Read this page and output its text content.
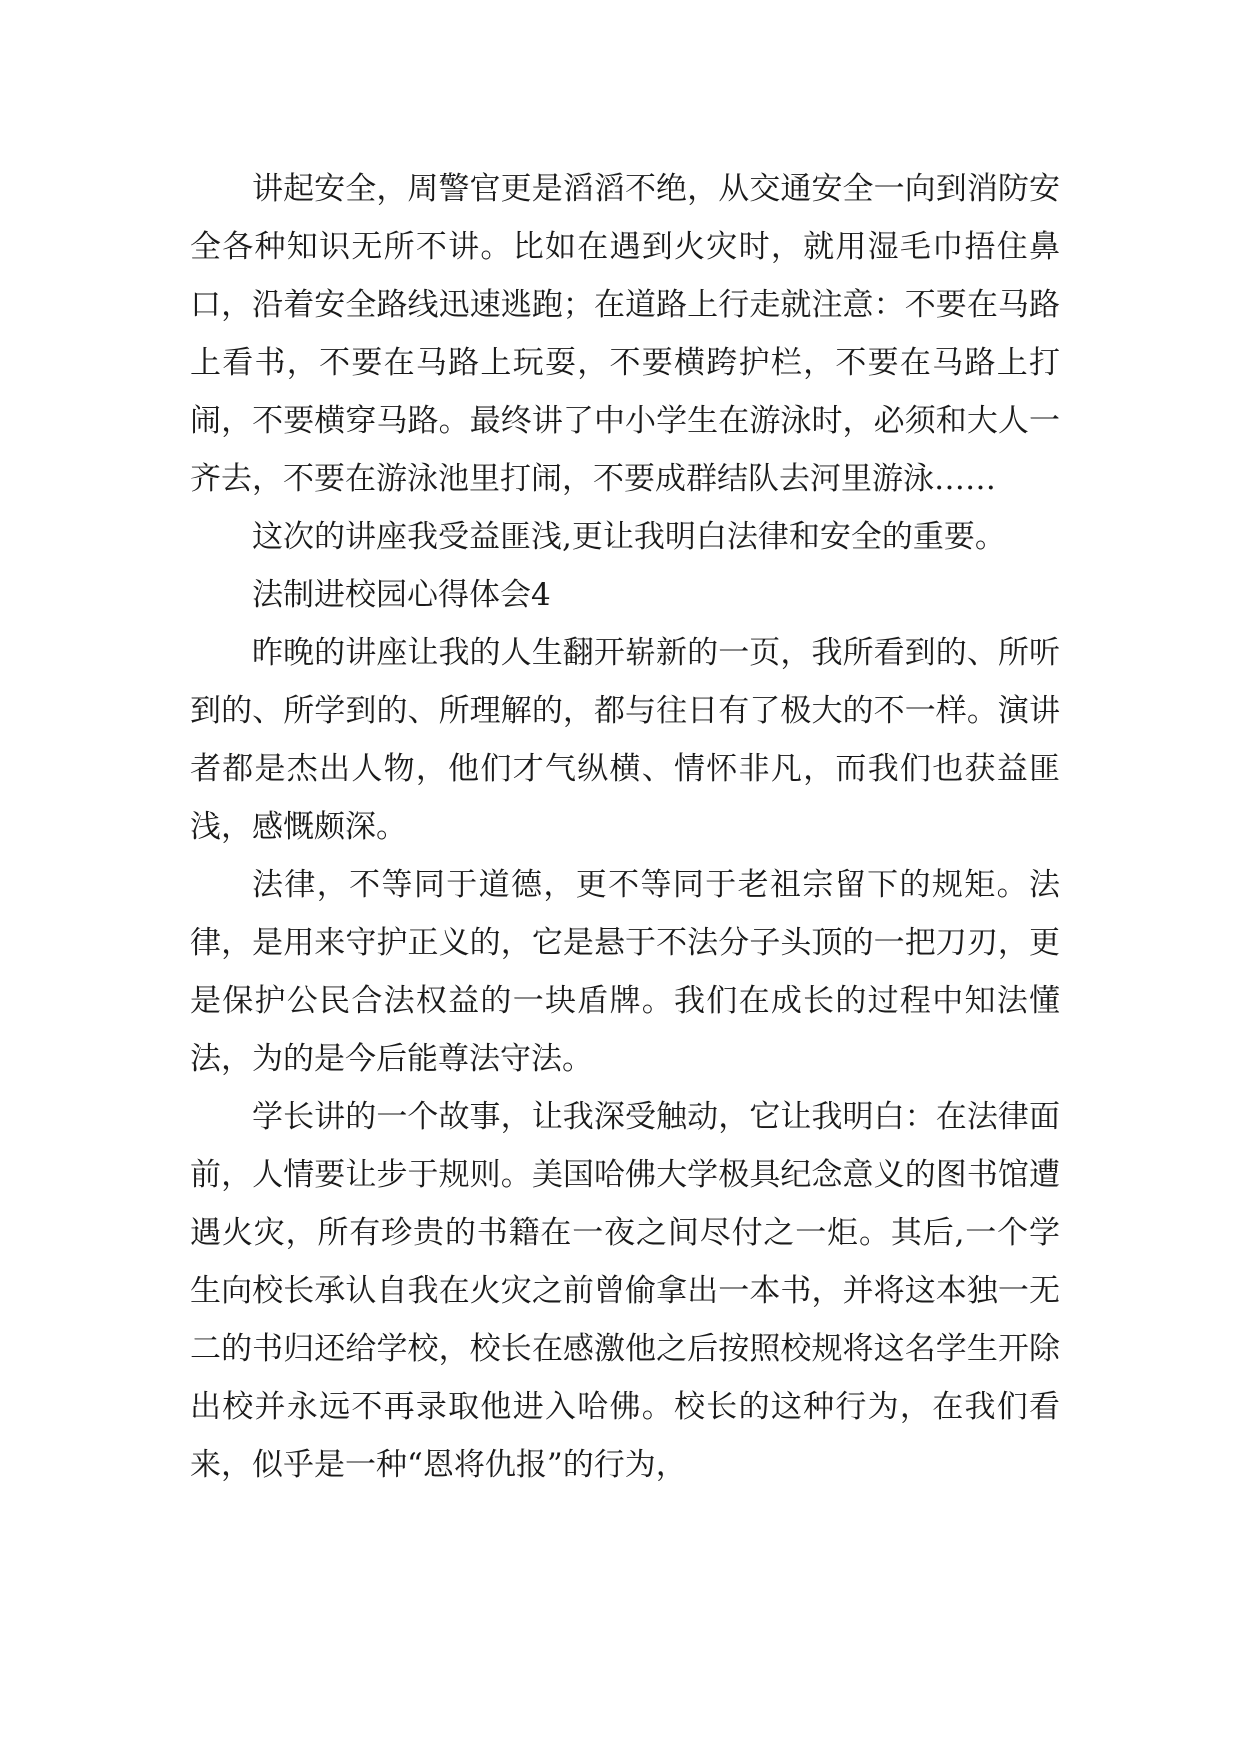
讲起安全，周警官更是滔滔不绝，从交通安全一向到消防安全各种知识无所不讲。比如在遇到火灾时，就用湿毛巾捂住鼻口，沿着安全路线迅速逃跑；在道路上行走就注意：不要在马路上看书，不要在马路上玩耍，不要横跨护栏，不要在马路上打闹，不要横穿马路。最终讲了中小学生在游泳时，必须和大人一齐去，不要在游泳池里打闹，不要成群结队去河里游泳……

这次的讲座我受益匪浅,更让我明白法律和安全的重要。

法制进校园心得体会4

昨晚的讲座让我的人生翻开崭新的一页，我所看到的、所听到的、所学到的、所理解的，都与往日有了极大的不一样。演讲者都是杰出人物，他们才气纵横、情怀非凡，而我们也获益匪浅，感慨颇深。

法律，不等同于道德，更不等同于老祖宗留下的规矩。法律，是用来守护正义的，它是悬于不法分子头顶的一把刀刃，更是保护公民合法权益的一块盾牌。我们在成长的过程中知法懂法，为的是今后能尊法守法。

学长讲的一个故事，让我深受触动，它让我明白：在法律面前，人情要让步于规则。美国哈佛大学极具纪念意义的图书馆遭遇火灾，所有珍贵的书籍在一夜之间尽付之一炬。其后,一个学生向校长承认自我在火灾之前曾偷拿出一本书，并将这本独一无二的书归还给学校，校长在感激他之后按照校规将这名学生开除出校并永远不再录取他进入哈佛。校长的这种行为，在我们看来，似乎是一种“恩将仇报”的行为，
